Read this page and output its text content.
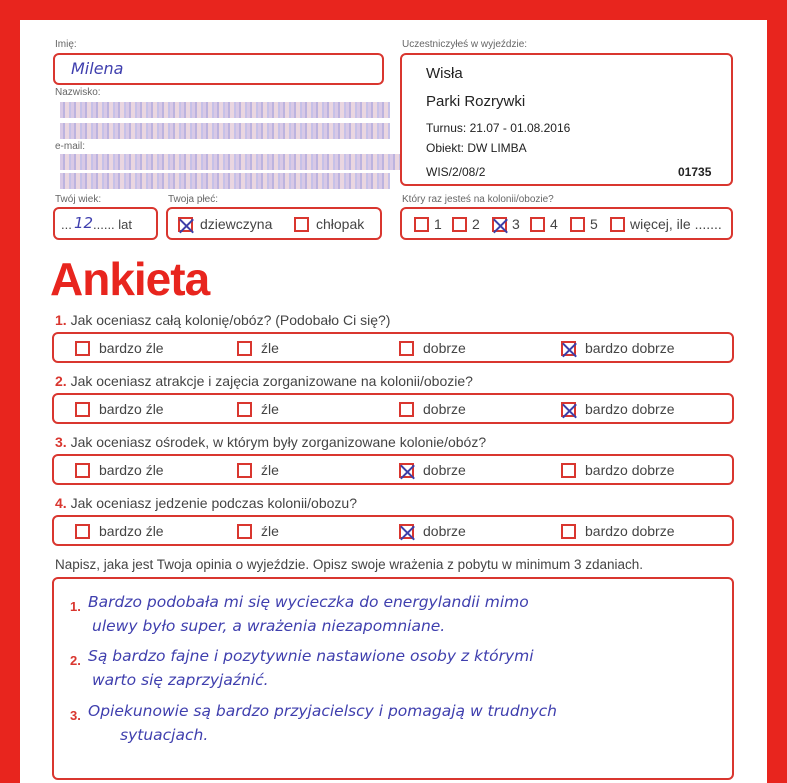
Imię:
Milena
Nazwisko:
e-mail:
Twój wiek:
... 12 ...... lat
Twoja płeć:
dziewczyna	chłopak
Uczestniczyłeś w wyjeździe:
Wisła
Parki Rozrywki
Turnus: 21.07 - 01.08.2016
Obiekt: DW LIMBA
WIS/2/08/2	01735
Który raz jesteś na kolonii/obozie?
1 2 3 4 5 więcej, ile .......
Ankieta
1. Jak oceniasz całą kolonię/obóz? (Podobało Ci się?)
bardzo źle	źle	dobrze	bardzo dobrze
2. Jak oceniasz atrakcje i zajęcia zorganizowane na kolonii/obozie?
bardzo źle	źle	dobrze	bardzo dobrze
3. Jak oceniasz ośrodek, w którym były zorganizowane kolonie/obóz?
bardzo źle	źle	dobrze	bardzo dobrze
4. Jak oceniasz jedzenie podczas kolonii/obozu?
bardzo źle	źle	dobrze	bardzo dobrze
Napisz, jaka jest Twoja opinia o wyjeździe. Opisz swoje wrażenia z pobytu w minimum 3 zdaniach.
1. Bardzo podobała mi się wycieczka do energylandii mimo
ulewy było super, a wrażenia niezapomniane.
2. Są bardzo fajne i pozytywnie nastawione osoby z którymi
warto się zaprzyjaźnić.
3. Opiekunowie są bardzo przyjacielscy i pomagają w trudnych
sytuacjach.
